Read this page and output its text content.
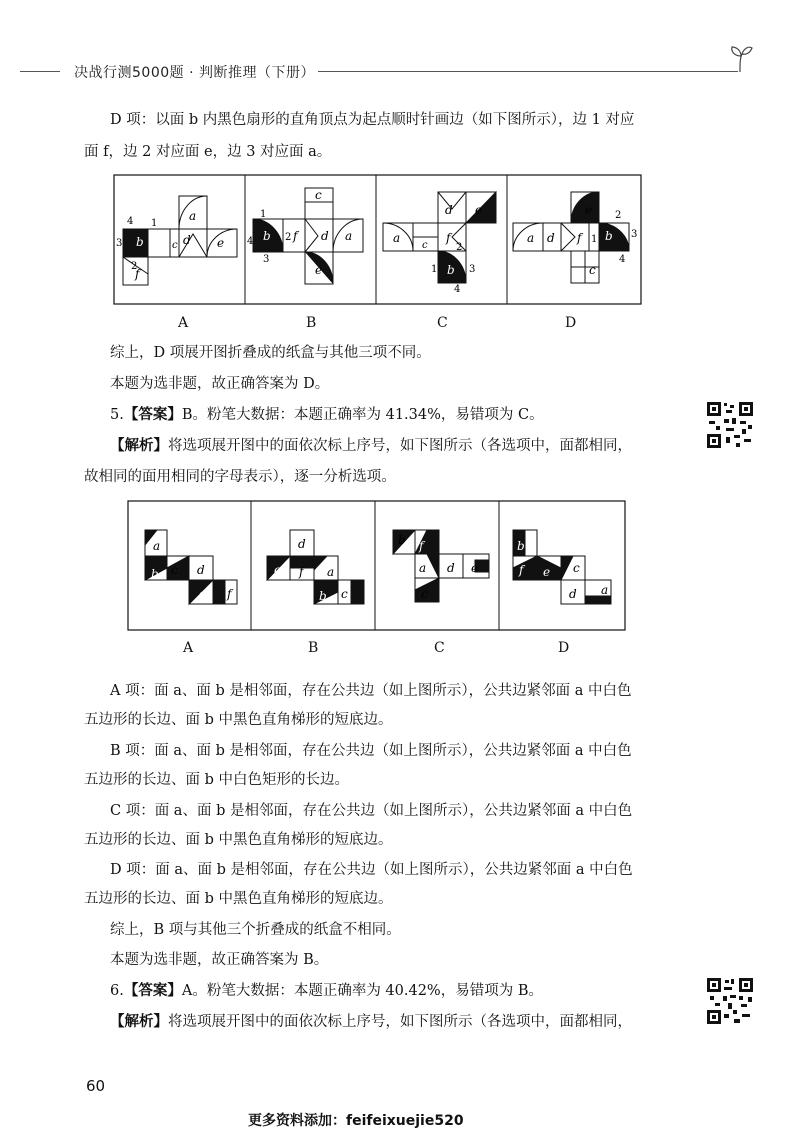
决战行测5000题 · 判断推理（下册）
D 项：以面 b 内黑色扇形的直角顶点为起点顺时针画边（如下图所示），边 1 对应
面 f，边 2 对应面 e，边 3 对应面 a。
4
3
1
2
b	c d
a
e
f
1
4
3
2 f
b
c
d a
e
a
c
d e
f
2
1	3
4
b
e
a d f 1 b
2
3
4
c
A	B	C	D
综上，D 项展开图折叠成的纸盒与其他三项不同。
本题为选非题，故正确答案为 D。
5.【答案】B。粉笔大数据：本题正确率为 41.34%，易错项为 C。
【解析】将选项展开图中的面依次标上序号，如下图所示（各选项中，面都相同，
故相同的面用相同的字母表示），逐一分析选项。
a
b c d
e f
d
e f a
b c
b f
a d e
c
b
f e c
d a
A	B	C	D
A 项：面 a、面 b 是相邻面，存在公共边（如上图所示），公共边紧邻面 a 中白色
五边形的长边、面 b 中黑色直角梯形的短底边。
B 项：面 a、面 b 是相邻面，存在公共边（如上图所示），公共边紧邻面 a 中白色
五边形的长边、面 b 中白色矩形的长边。
C 项：面 a、面 b 是相邻面，存在公共边（如上图所示），公共边紧邻面 a 中白色
五边形的长边、面 b 中黑色直角梯形的短底边。
D 项：面 a、面 b 是相邻面，存在公共边（如上图所示），公共边紧邻面 a 中白色
五边形的长边、面 b 中黑色直角梯形的短底边。
综上，B 项与其他三个折叠成的纸盒不相同。
本题为选非题，故正确答案为 B。
6.【答案】A。粉笔大数据：本题正确率为 40.42%，易错项为 B。
【解析】将选项展开图中的面依次标上序号，如下图所示（各选项中，面都相同，
60
更多资料添加：feifeixuejie520
